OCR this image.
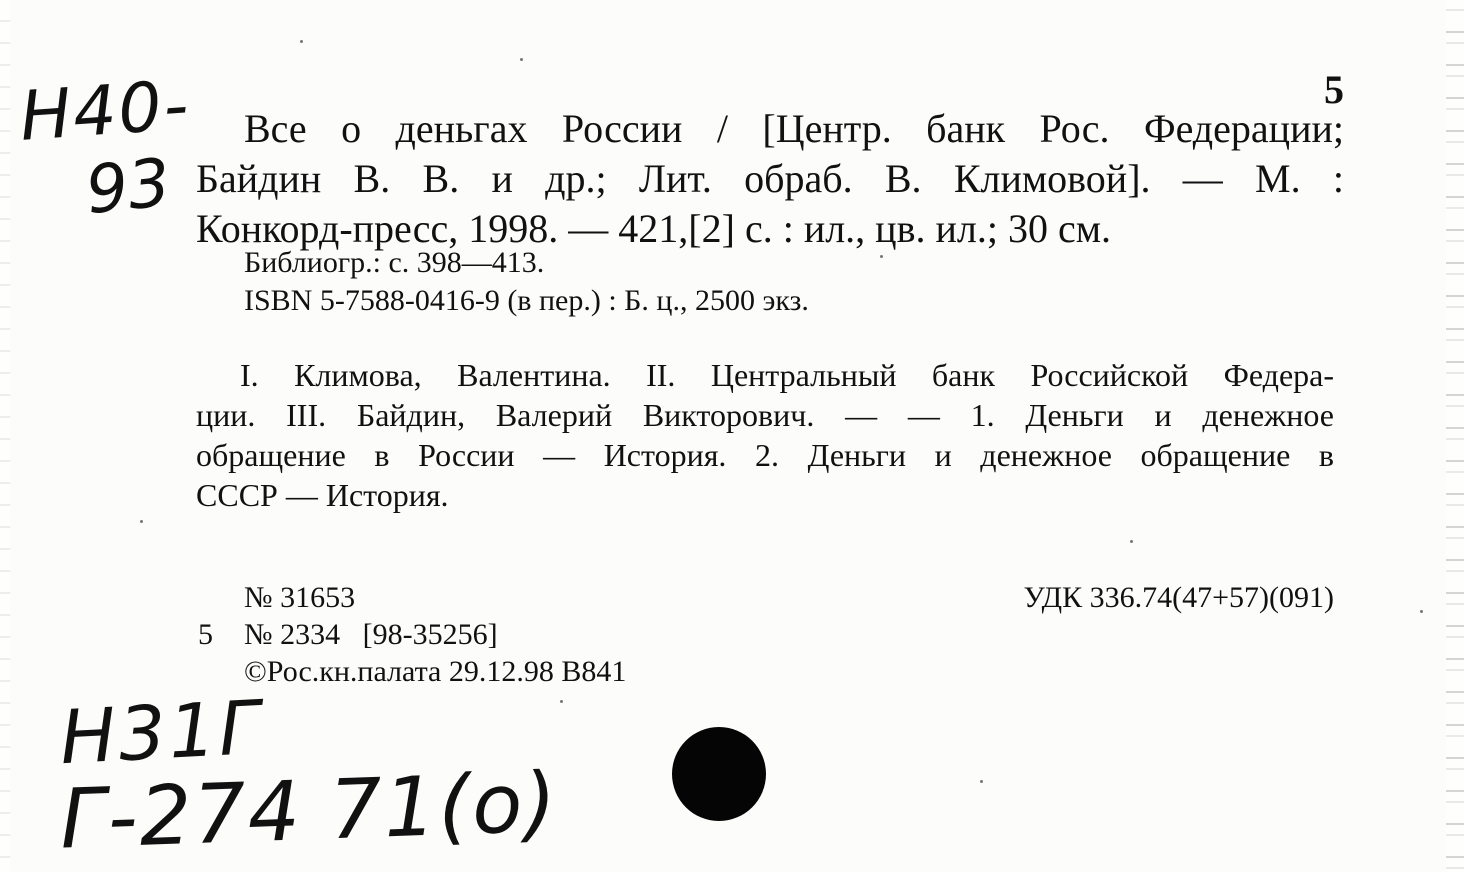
5
Все о деньгах России / [Центр. банк Рос. Федерации;
Байдин В. В. и др.; Лит. обраб. В. Климовой]. — М. :
Конкорд-пресс, 1998. — 421,[2] с. : ил., цв. ил.; 30 см.
Библиогр.: с. 398—413.
ISBN 5-7588-0416-9 (в пер.) : Б. ц., 2500 экз.
I. Климова, Валентина. II. Центральный банк Российской Федера-
ции. III. Байдин, Валерий Викторович. — — 1. Деньги и денежное
обращение в России — История. 2. Деньги и денежное обращение в
СССР — История.
№ 31653
5 № 2334   [98-35256]
©Рос.кн.палата 29.12.98 В841
УДК 336.74(47+57)(091)
Н40-
93
Н31Г
Г-274 71(о)
